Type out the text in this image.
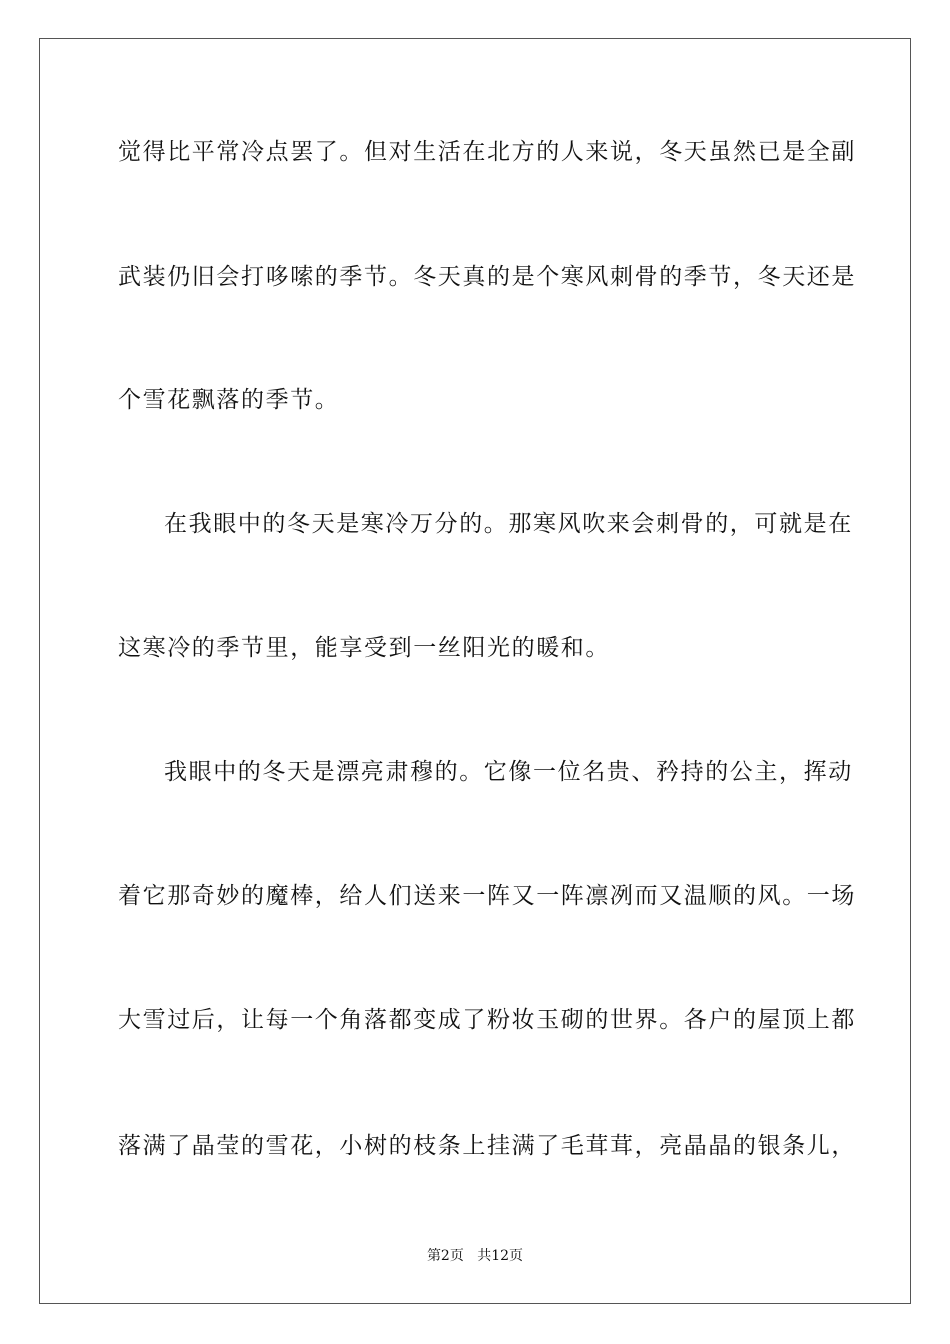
觉得比平常冷点罢了。但对生活在北方的人来说，冬天虽然已是全副
武装仍旧会打哆嗦的季节。冬天真的是个寒风刺骨的季节，冬天还是
个雪花飘落的季节。
在我眼中的冬天是寒冷万分的。那寒风吹来会刺骨的，可就是在
这寒冷的季节里，能享受到一丝阳光的暖和。
我眼中的冬天是漂亮肃穆的。它像一位名贵、矜持的公主，挥动
着它那奇妙的魔棒，给人们送来一阵又一阵凛冽而又温顺的风。一场
大雪过后，让每一个角落都变成了粉妆玉砌的世界。各户的屋顶上都
落满了晶莹的雪花，小树的枝条上挂满了毛茸茸，亮晶晶的银条儿，
第2页 共12页
